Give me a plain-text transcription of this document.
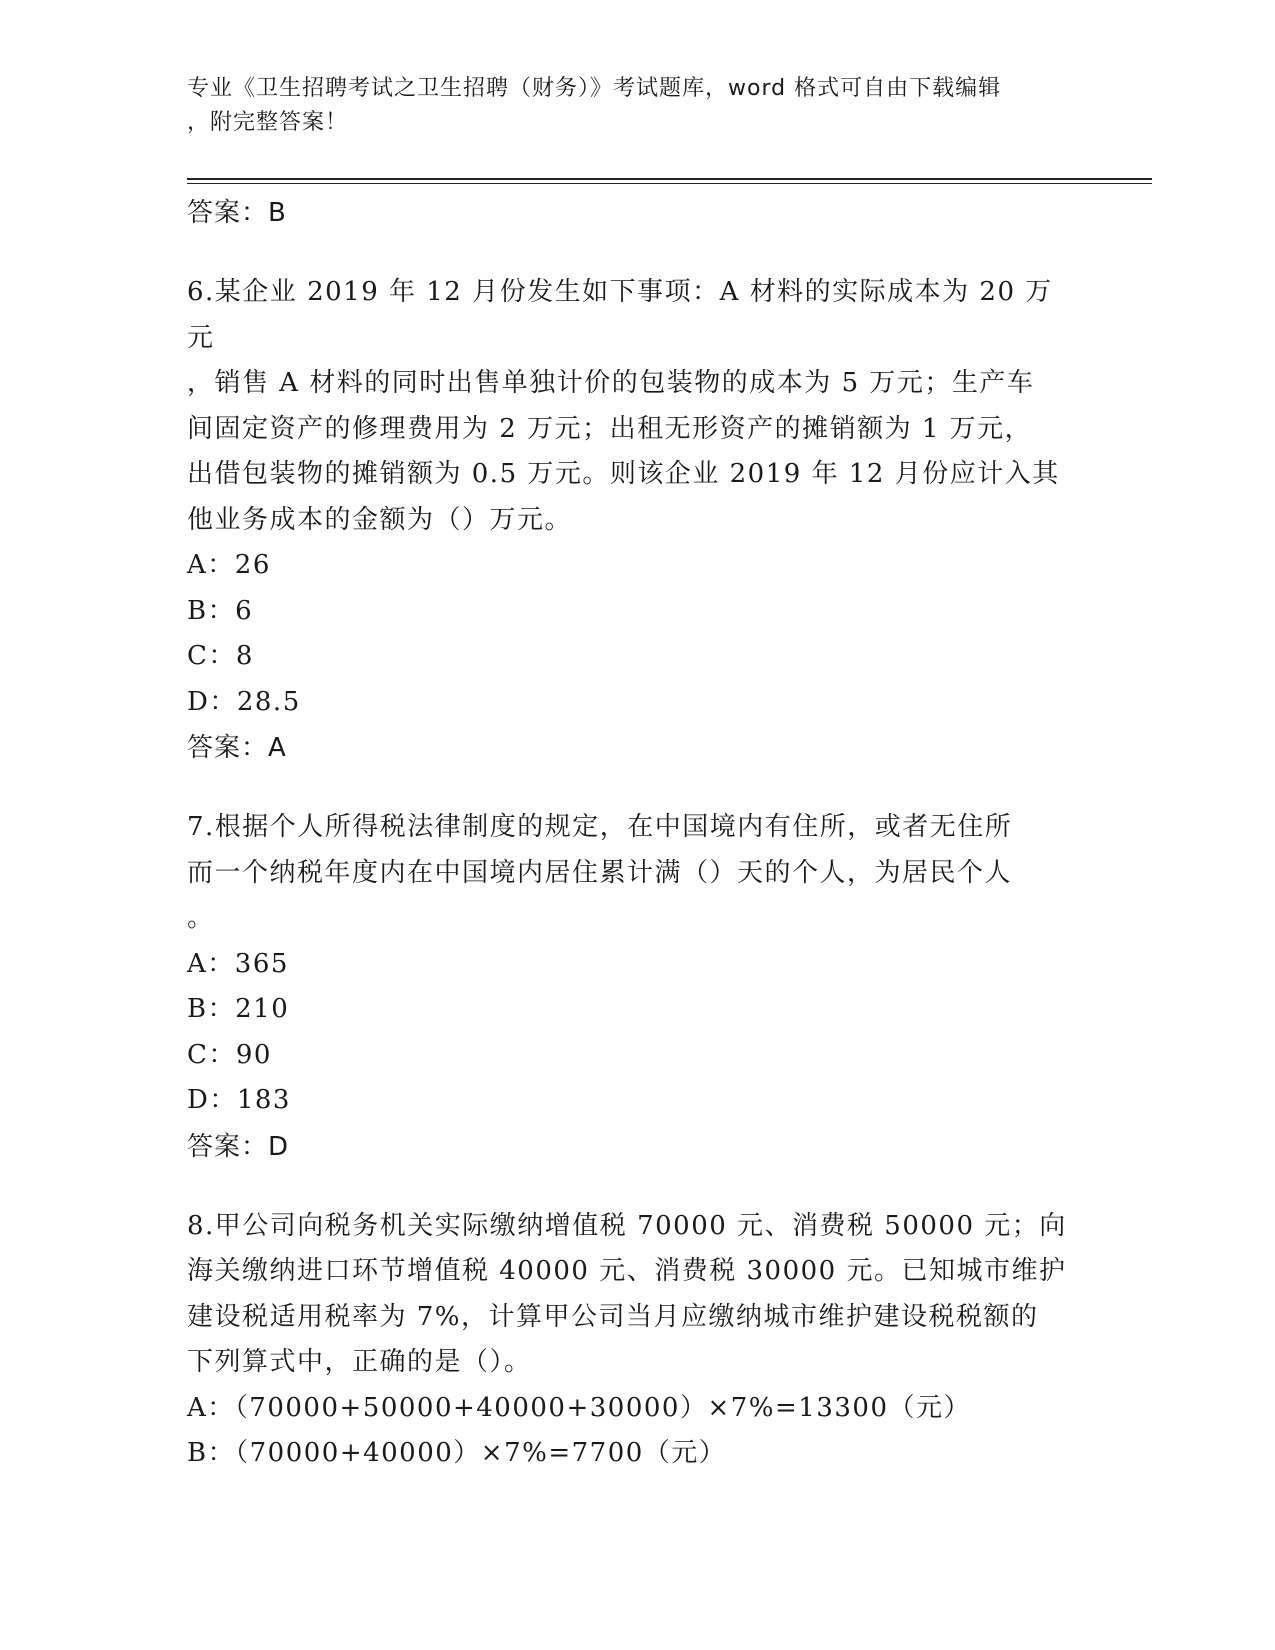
专业《卫生招聘考试之卫生招聘（财务）》考试题库，word 格式可自由下载编辑
，附完整答案！
答案：B
6.某企业 2019 年 12 月份发生如下事项：A 材料的实际成本为 20 万元
，销售 A 材料的同时出售单独计价的包装物的成本为 5 万元；生产车
间固定资产的修理费用为 2 万元；出租无形资产的摊销额为 1 万元，
出借包装物的摊销额为 0.5 万元。则该企业 2019 年 12 月份应计入其
他业务成本的金额为（）万元。
A：26
B：6
C：8
D：28.5
答案：A
7.根据个人所得税法律制度的规定，在中国境内有住所，或者无住所
而一个纳税年度内在中国境内居住累计满（）天的个人，为居民个人
。
A：365
B：210
C：90
D：183
答案：D
8.甲公司向税务机关实际缴纳增值税 70000 元、消费税 50000 元；向
海关缴纳进口环节增值税 40000 元、消费税 30000 元。已知城市维护
建设税适用税率为 7%，计算甲公司当月应缴纳城市维护建设税税额的
下列算式中，正确的是（）。
A：（70000+50000+40000+30000）×7%=13300（元）
B：（70000+40000）×7%=7700（元）
